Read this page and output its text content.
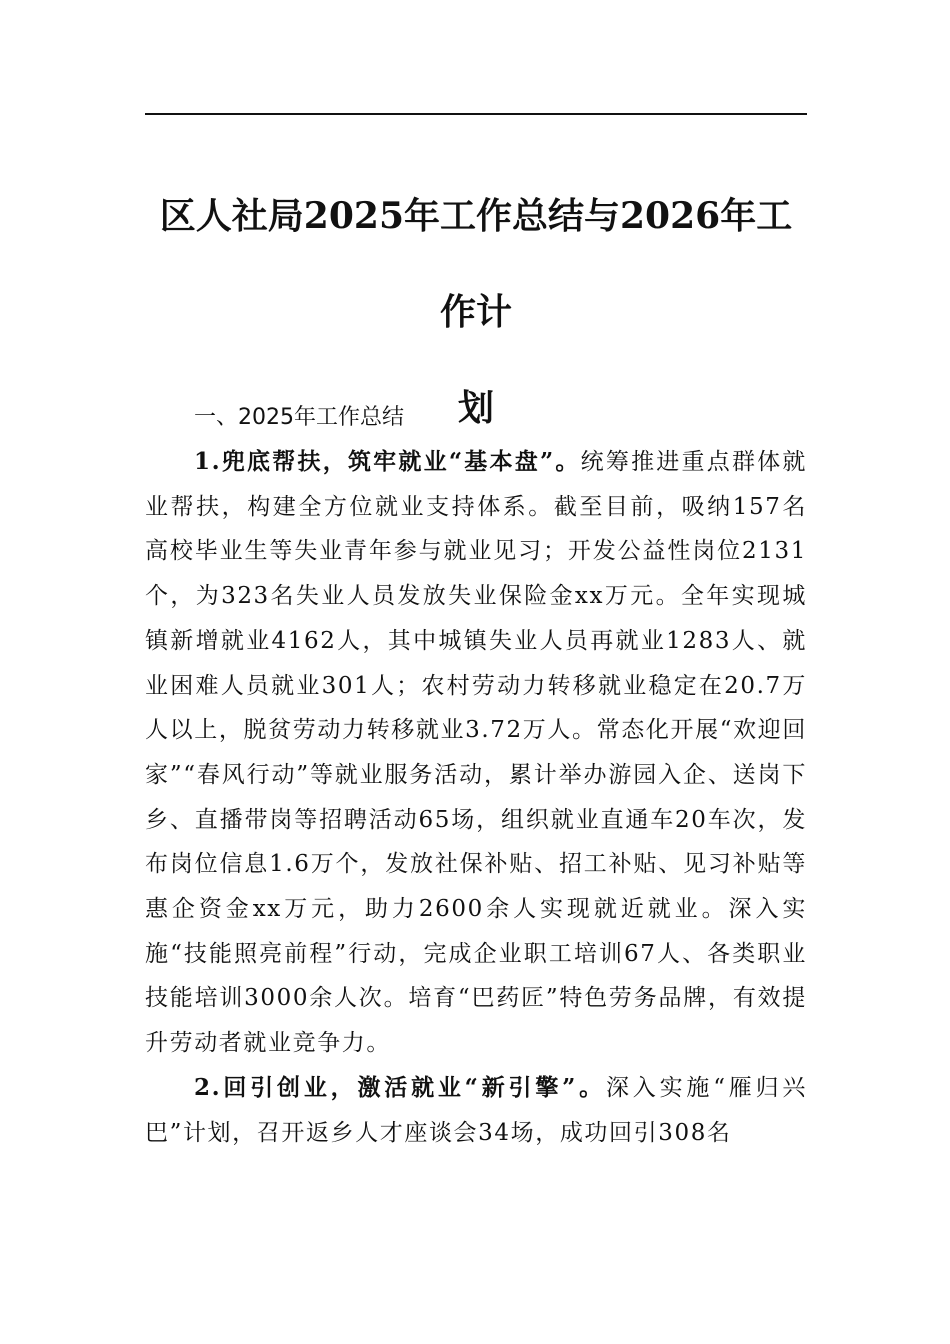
区人社局2025年工作总结与2026年工作计
划
一、2025年工作总结

1.兜底帮扶，筑牢就业“基本盘”。统筹推进重点群体就业帮扶，构建全方位就业支持体系。截至目前，吸纳157名高校毕业生等失业青年参与就业见习；开发公益性岗位2131个，为323名失业人员发放失业保险金xx万元。全年实现城镇新增就业4162人，其中城镇失业人员再就业1283人、就业困难人员就业301人；农村劳动力转移就业稳定在20.7万人以上，脱贫劳动力转移就业3.72万人。常态化开展“欢迎回家”“春风行动”等就业服务活动，累计举办游园入企、送岗下乡、直播带岗等招聘活动65场，组织就业直通车20车次，发布岗位信息1.6万个，发放社保补贴、招工补贴、见习补贴等惠企资金xx万元，助力2600余人实现就近就业。深入实施“技能照亮前程”行动，完成企业职工培训67人、各类职业技能培训3000余人次。培育“巴药匠”特色劳务品牌，有效提升劳动者就业竞争力。

2.回引创业，激活就业“新引擎”。深入实施“雁归兴巴”计划，召开返乡人才座谈会34场，成功回引308名
